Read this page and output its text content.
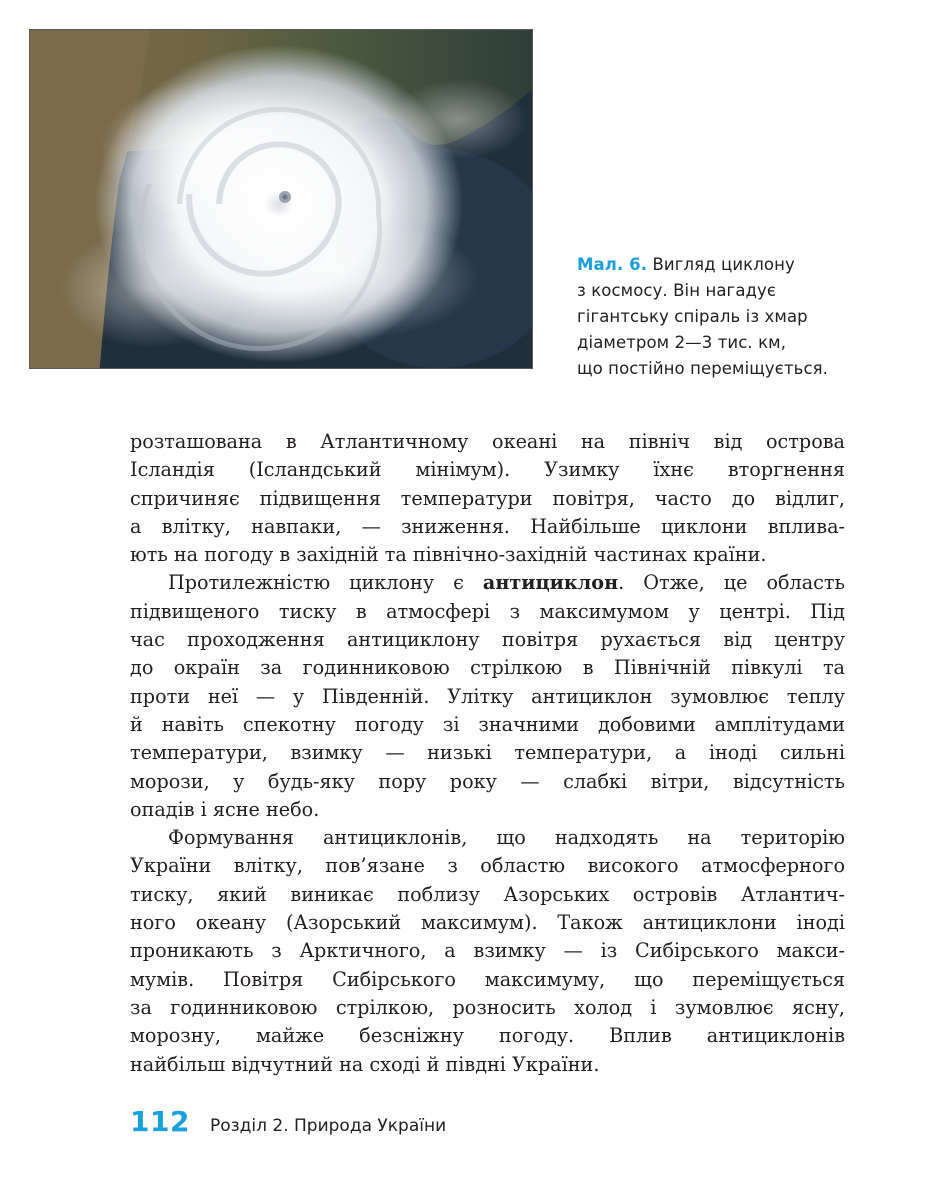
Мал. 6. Вигляд циклону
з космосу. Він нагадує
гігантську спіраль із хмар
діаметром 2—3 тис. км,
що постійно переміщується.

розташована в Атлантичному океані на північ від острова
Ісландія (Ісландський мінімум). Узимку їхнє вторгнення
спричиняє підвищення температури повітря, часто до відлиг,
а влітку, навпаки, — зниження. Найбільше циклони вплива-
ють на погоду в західній та північно-західній частинах країни.

Протилежністю циклону є антициклон. Отже, це область
підвищеного тиску в атмосфері з максимумом у центрі. Під
час проходження антициклону повітря рухається від центру
до окраїн за годинниковою стрілкою в Північній півкулі та
проти неї — у Південній. Улітку антициклон зумовлює теплу
й навіть спекотну погоду зі значними добовими амплітудами
температури, взимку — низькі температури, а іноді сильні
морози, у будь-яку пору року — слабкі вітри, відсутність
опадів і ясне небо.

Формування антициклонів, що надходять на територію
України влітку, пов’язане з областю високого атмосферного
тиску, який виникає поблизу Азорських островів Атлантич-
ного океану (Азорський максимум). Також антициклони іноді
проникають з Арктичного, а взимку — із Сибірського макси-
мумів. Повітря Сибірського максимуму, що переміщується
за годинниковою стрілкою, розносить холод і зумовлює ясну,
морозну, майже безсніжну погоду. Вплив антициклонів
найбільш відчутний на сході й півдні України.

112 Розділ 2. Природа України
